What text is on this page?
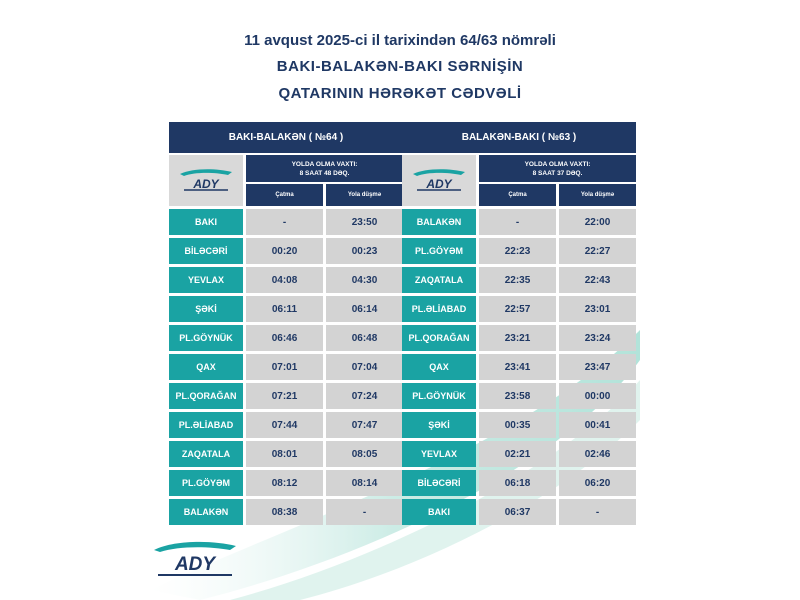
11 avqust 2025-ci il tarixindən 64/63 nömrəli
BAKI-BALAKƏN-BAKI SƏRNİŞİN
QATARININ HƏRƏKƏT CƏDVƏLİ
BAKI-BALAKƏN ( №64 )
ADY
YOLDA OLMA VAXTI:
8 SAAT 48 DƏQ.
Çatma	Yola düşmə
BAKI	-	23:50
BİLƏCƏRİ	00:20	00:23
YEVLAX	04:08	04:30
ŞƏKİ	06:11	06:14
PL.GÖYNÜK	06:46	06:48
QAX	07:01	07:04
PL.QORAĞAN	07:21	07:24
PL.ƏLİABAD	07:44	07:47
ZAQATALA	08:01	08:05
PL.GÖYƏM	08:12	08:14
BALAKƏN	08:38	-
BALAKƏN-BAKI ( №63 )
ADY
YOLDA OLMA VAXTI:
8 SAAT 37 DƏQ.
Çatma	Yola düşmə
BALAKƏN	-	22:00
PL.GÖYƏM	22:23	22:27
ZAQATALA	22:35	22:43
PL.ƏLİABAD	22:57	23:01
PL.QORAĞAN	23:21	23:24
QAX	23:41	23:47
PL.GÖYNÜK	23:58	00:00
ŞƏKİ	00:35	00:41
YEVLAX	02:21	02:46
BİLƏCƏRİ	06:18	06:20
BAKI	06:37	-
ADY
